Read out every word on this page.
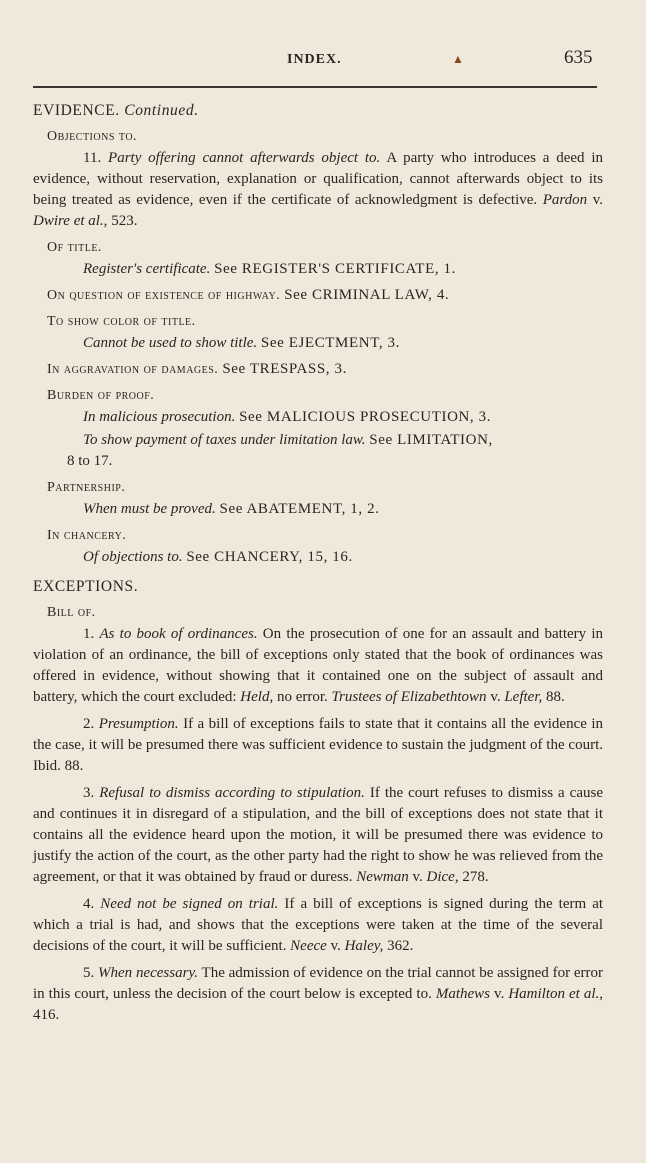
INDEX.	▲	635
EVIDENCE. Continued.
Objections to.
11. Party offering cannot afterwards object to. A party who introduces a deed in evidence, without reservation, explanation or qualification, cannot afterwards object to its being treated as evidence, even if the certificate of acknowledgment is defective. Pardon v. Dwire et al., 523.
Of title.
Register's certificate. See REGISTER'S CERTIFICATE, 1.
On question of existence of highway. See CRIMINAL LAW, 4.
To show color of title.
Cannot be used to show title. See EJECTMENT, 3.
In aggravation of damages. See TRESPASS, 3.
Burden of proof.
In malicious prosecution. See MALICIOUS PROSECUTION, 3.
To show payment of taxes under limitation law. See LIMITATION,
8 to 17.
Partnership.
When must be proved. See ABATEMENT, 1, 2.
In chancery.
Of objections to. See CHANCERY, 15, 16.
EXCEPTIONS.
Bill of.
1. As to book of ordinances. On the prosecution of one for an assault and battery in violation of an ordinance, the bill of exceptions only stated that the book of ordinances was offered in evidence, without showing that it contained one on the subject of assault and battery, which the court excluded: Held, no error. Trustees of Elizabethtown v. Lefter, 88.
2. Presumption. If a bill of exceptions fails to state that it contains all the evidence in the case, it will be presumed there was sufficient evidence to sustain the judgment of the court. Ibid. 88.
3. Refusal to dismiss according to stipulation. If the court refuses to dismiss a cause and continues it in disregard of a stipulation, and the bill of exceptions does not state that it contains all the evidence heard upon the motion, it will be presumed there was evidence to justify the action of the court, as the other party had the right to show he was relieved from the agreement, or that it was obtained by fraud or duress. Newman v. Dice, 278.
4. Need not be signed on trial. If a bill of exceptions is signed during the term at which a trial is had, and shows that the exceptions were taken at the time of the several decisions of the court, it will be sufficient. Neece v. Haley, 362.
5. When necessary. The admission of evidence on the trial cannot be assigned for error in this court, unless the decision of the court below is excepted to. Mathews v. Hamilton et al., 416.
